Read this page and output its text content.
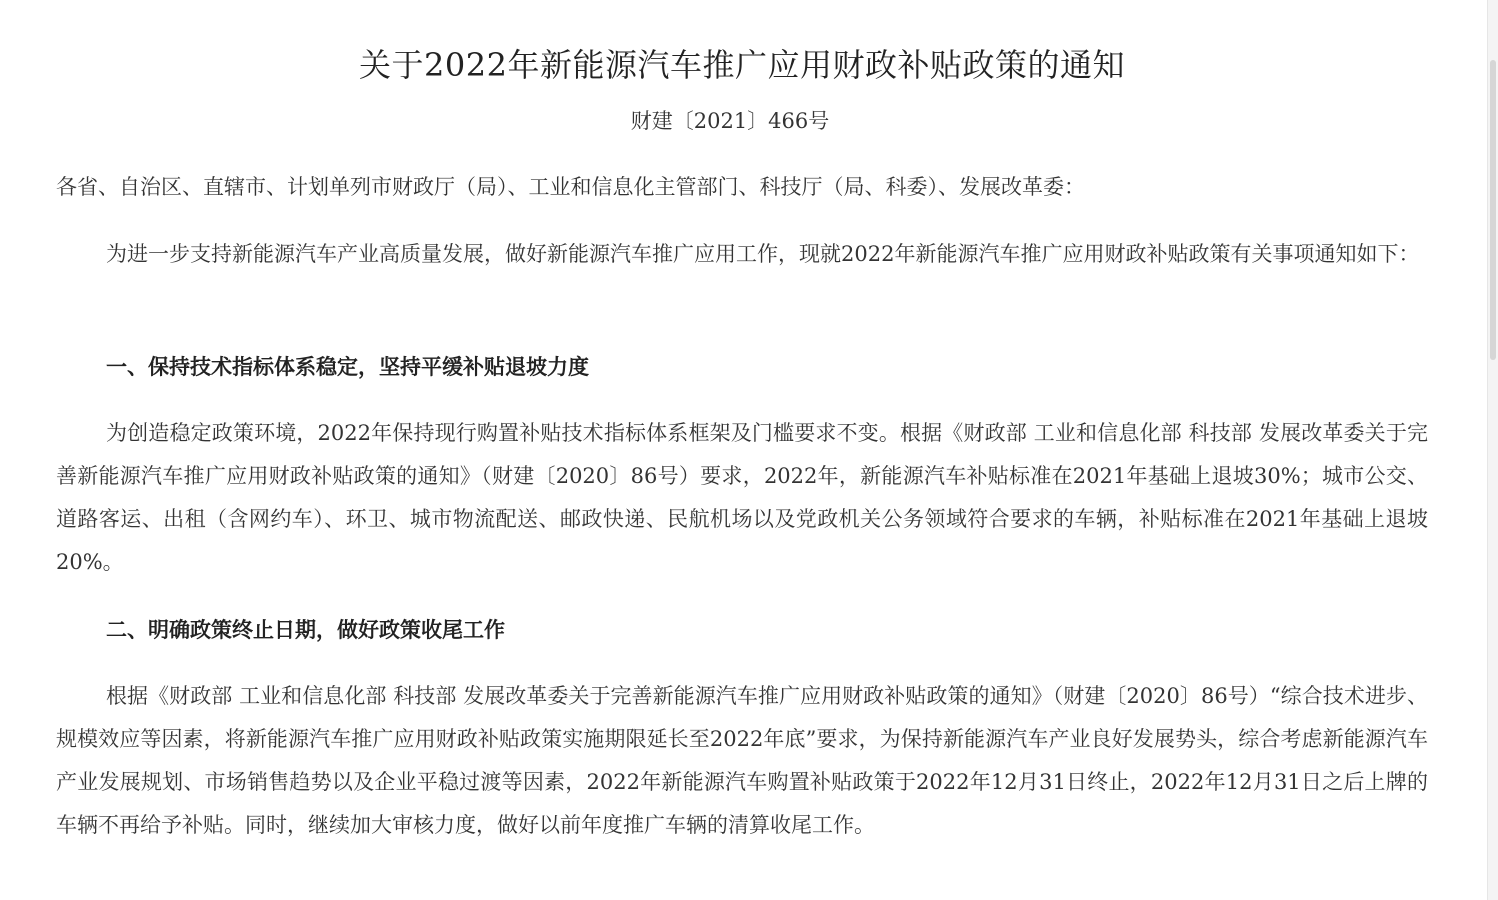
关于2022年新能源汽车推广应用财政补贴政策的通知
财建〔2021〕466号

各省、自治区、直辖市、计划单列市财政厅（局）、工业和信息化主管部门、科技厅（局、科委）、发展改革委：

为进一步支持新能源汽车产业高质量发展，做好新能源汽车推广应用工作，现就2022年新能源汽车推广应用财政补贴政策有关事项通知如下：

一、保持技术指标体系稳定，坚持平缓补贴退坡力度

为创造稳定政策环境，2022年保持现行购置补贴技术指标体系框架及门槛要求不变。根据《财政部 工业和信息化部 科技部 发展改革委关于完善新能源汽车推广应用财政补贴政策的通知》（财建〔2020〕86号）要求，2022年，新能源汽车补贴标准在2021年基础上退坡30%；城市公交、道路客运、出租（含网约车）、环卫、城市物流配送、邮政快递、民航机场以及党政机关公务领域符合要求的车辆，补贴标准在2021年基础上退坡20%。

二、明确政策终止日期，做好政策收尾工作

根据《财政部 工业和信息化部 科技部 发展改革委关于完善新能源汽车推广应用财政补贴政策的通知》（财建〔2020〕86号）“综合技术进步、规模效应等因素，将新能源汽车推广应用财政补贴政策实施期限延长至2022年底”要求，为保持新能源汽车产业良好发展势头，综合考虑新能源汽车产业发展规划、市场销售趋势以及企业平稳过渡等因素，2022年新能源汽车购置补贴政策于2022年12月31日终止，2022年12月31日之后上牌的车辆不再给予补贴。同时，继续加大审核力度，做好以前年度推广车辆的清算收尾工作。
